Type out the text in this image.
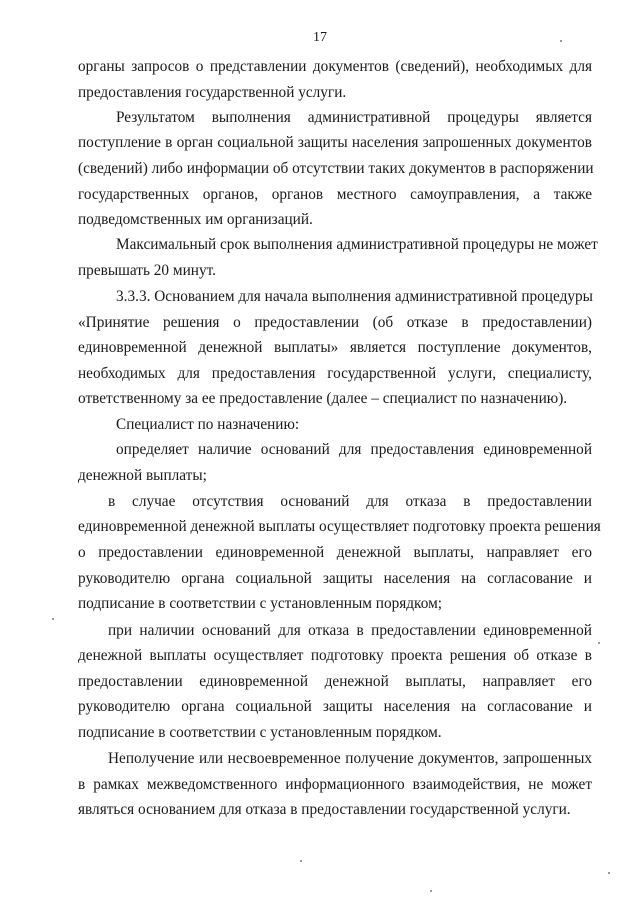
17
органы запросов о представлении документов (сведений), необходимых для
предоставления государственной услуги.
Результатом выполнения административной процедуры является
поступление в орган социальной защиты населения запрошенных документов
(сведений) либо информации об отсутствии таких документов в распоряжении
государственных органов, органов местного самоуправления, а также
подведомственных им организаций.
Максимальный срок выполнения административной процедуры не может
превышать 20 минут.
3.3.3. Основанием для начала выполнения административной процедуры
«Принятие решения о предоставлении (об отказе в предоставлении)
единовременной денежной выплаты» является поступление документов,
необходимых для предоставления государственной услуги, специалисту,
ответственному за ее предоставление (далее – специалист по назначению).
Специалист по назначению:
определяет наличие оснований для предоставления единовременной
денежной выплаты;
в случае отсутствия оснований для отказа в предоставлении
единовременной денежной выплаты осуществляет подготовку проекта решения
о предоставлении единовременной денежной выплаты, направляет его
руководителю органа социальной защиты населения на согласование и
подписание в соответствии с установленным порядком;
при наличии оснований для отказа в предоставлении единовременной
денежной выплаты осуществляет подготовку проекта решения об отказе в
предоставлении единовременной денежной выплаты, направляет его
руководителю органа социальной защиты населения на согласование и
подписание в соответствии с установленным порядком.
Неполучение или несвоевременное получение документов, запрошенных
в рамках межведомственного информационного взаимодействия, не может
являться основанием для отказа в предоставлении государственной услуги.
